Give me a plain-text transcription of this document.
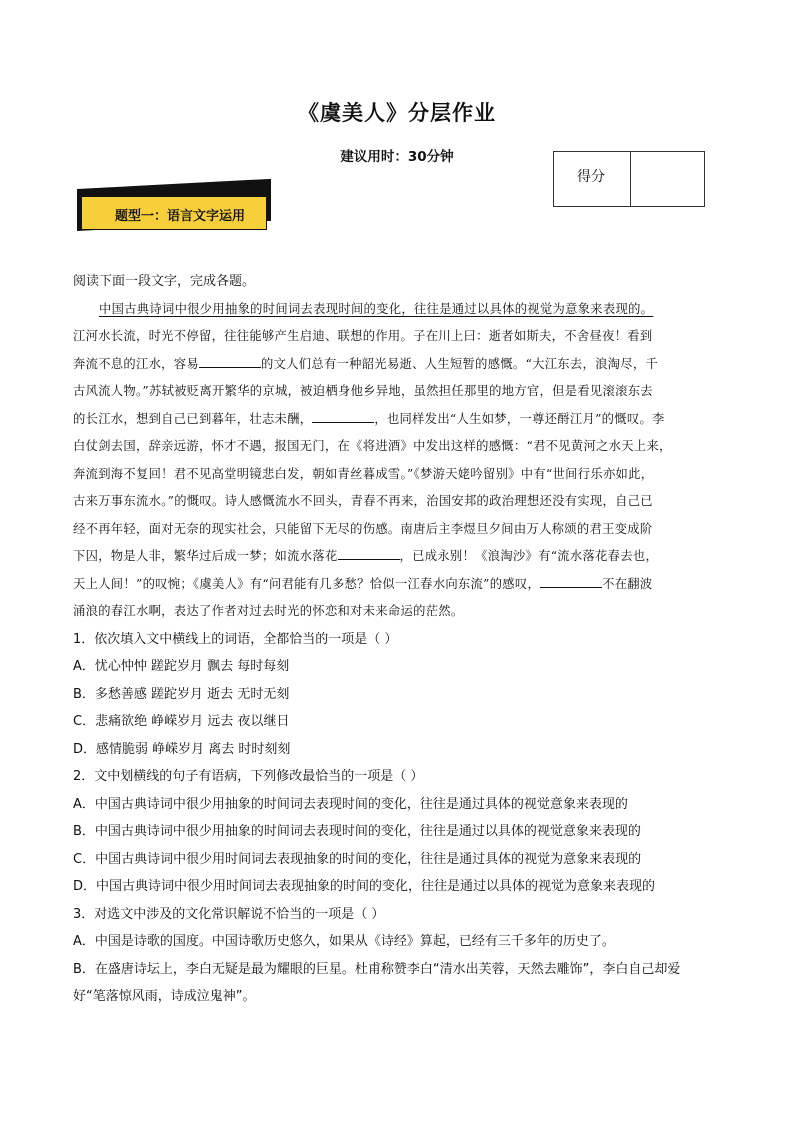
《虞美人》分层作业
建议用时：30分钟
得分
题型一：语言文字运用
阅读下面一段文字，完成各题。
中国古典诗词中很少用抽象的时间词去表现时间的变化，往往是通过以具体的视觉为意象来表现的。
江河水长流，时光不停留，往往能够产生启迪、联想的作用。子在川上曰：逝者如斯夫，不舍昼夜！看到
奔流不息的江水，容易	的文人们总有一种韶光易逝、人生短暂的感慨。“大江东去，浪淘尽，千
古风流人物。”苏轼被贬离开繁华的京城，被迫栖身他乡异地，虽然担任那里的地方官，但是看见滚滚东去
的长江水，想到自己已到暮年，壮志未酬，	，也同样发出“人生如梦，一尊还酹江月”的慨叹。李
白仗剑去国，辞亲远游，怀才不遇，报国无门，在《将进酒》中发出这样的感慨：“君不见黄河之水天上来，
奔流到海不复回！君不见高堂明镜悲白发，朝如青丝暮成雪。”《梦游天姥吟留别》中有“世间行乐亦如此，
古来万事东流水。”的慨叹。诗人感慨流水不回头，青春不再来，治国安邦的政治理想还没有实现，自己已
经不再年轻，面对无奈的现实社会，只能留下无尽的伤感。南唐后主李煜旦夕间由万人称颂的君王变成阶
下囚，物是人非，繁华过后成一梦；如流水落花	，已成永别！《浪淘沙》有“流水落花春去也，
天上人间！”的叹惋；《虞美人》有“问君能有几多愁？恰似一江春水向东流”的感叹，	不在翻波
涌浪的春江水啊，表达了作者对过去时光的怀恋和对未来命运的茫然。
1．依次填入文中横线上的词语，全都恰当的一项是（ ）
A．忧心忡忡 蹉跎岁月 飘去 每时每刻
B．多愁善感 蹉跎岁月 逝去 无时无刻
C．悲痛欲绝 峥嵘岁月 远去 夜以继日
D．感情脆弱 峥嵘岁月 离去 时时刻刻
2．文中划横线的句子有语病，下列修改最恰当的一项是（ ）
A．中国古典诗词中很少用抽象的时间词去表现时间的变化，往往是通过具体的视觉意象来表现的
B．中国古典诗词中很少用抽象的时间词去表现时间的变化，往往是通过以具体的视觉意象来表现的
C．中国古典诗词中很少用时间词去表现抽象的时间的变化，往往是通过具体的视觉为意象来表现的
D．中国古典诗词中很少用时间词去表现抽象的时间的变化，往往是通过以具体的视觉为意象来表现的
3．对选文中涉及的文化常识解说不恰当的一项是（ ）
A．中国是诗歌的国度。中国诗歌历史悠久，如果从《诗经》算起，已经有三千多年的历史了。
B．在盛唐诗坛上，李白无疑是最为耀眼的巨星。杜甫称赞李白“清水出芙蓉，天然去雕饰”，李白自己却爱
好“笔落惊风雨，诗成泣鬼神”。
